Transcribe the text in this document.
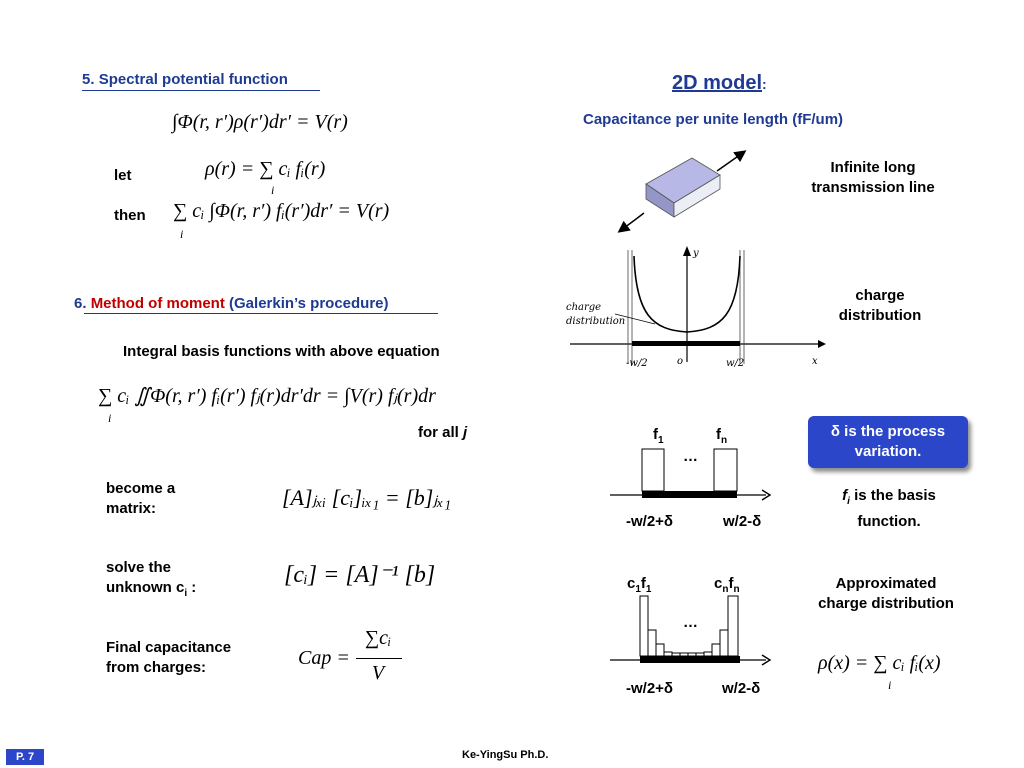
5. Spectral potential function
∫Φ(r, r′)ρ(r′)dr′ = V(r)
let	ρ(r) = ∑ cᵢ fᵢ(r)
i
then ∑ cᵢ ∫Φ(r, r′) fᵢ(r′)dr′ = V(r)
i
6. Method of moment (Galerkin’s procedure)
Integral basis functions with above equation
∑ cᵢ ∬Φ(r, r′) fᵢ(r′) fⱼ(r)dr′dr = ∫V(r) fⱼ(r)dr
i
for all j
become a
matrix:	[A]ⱼₓᵢ [cᵢ]ᵢₓ₁ = [b]ⱼₓ₁
solve the
unknown $c_i$ :	[cᵢ] = [A]⁻¹ [b]
Final capacitance
from charges:	Cap =
∑cᵢ
V
2D model:
Capacitance per unite length (fF/um)
Infinite long transmission line
charge
distribution
y
x
-w/2	o	w/2
charge
distribution
$f_1$	$f_n$
…
-w/2+δ	w/2-δ
δ is the process variation.
$f_i$ is the basis function.
$c_1f_1$	$c_nf_n$
…
-w/2+δ	w/2-δ
Approximated charge distribution
ρ(x) = ∑ cᵢ fᵢ(x)
i
P. 7	Ke-YingSu Ph.D.
